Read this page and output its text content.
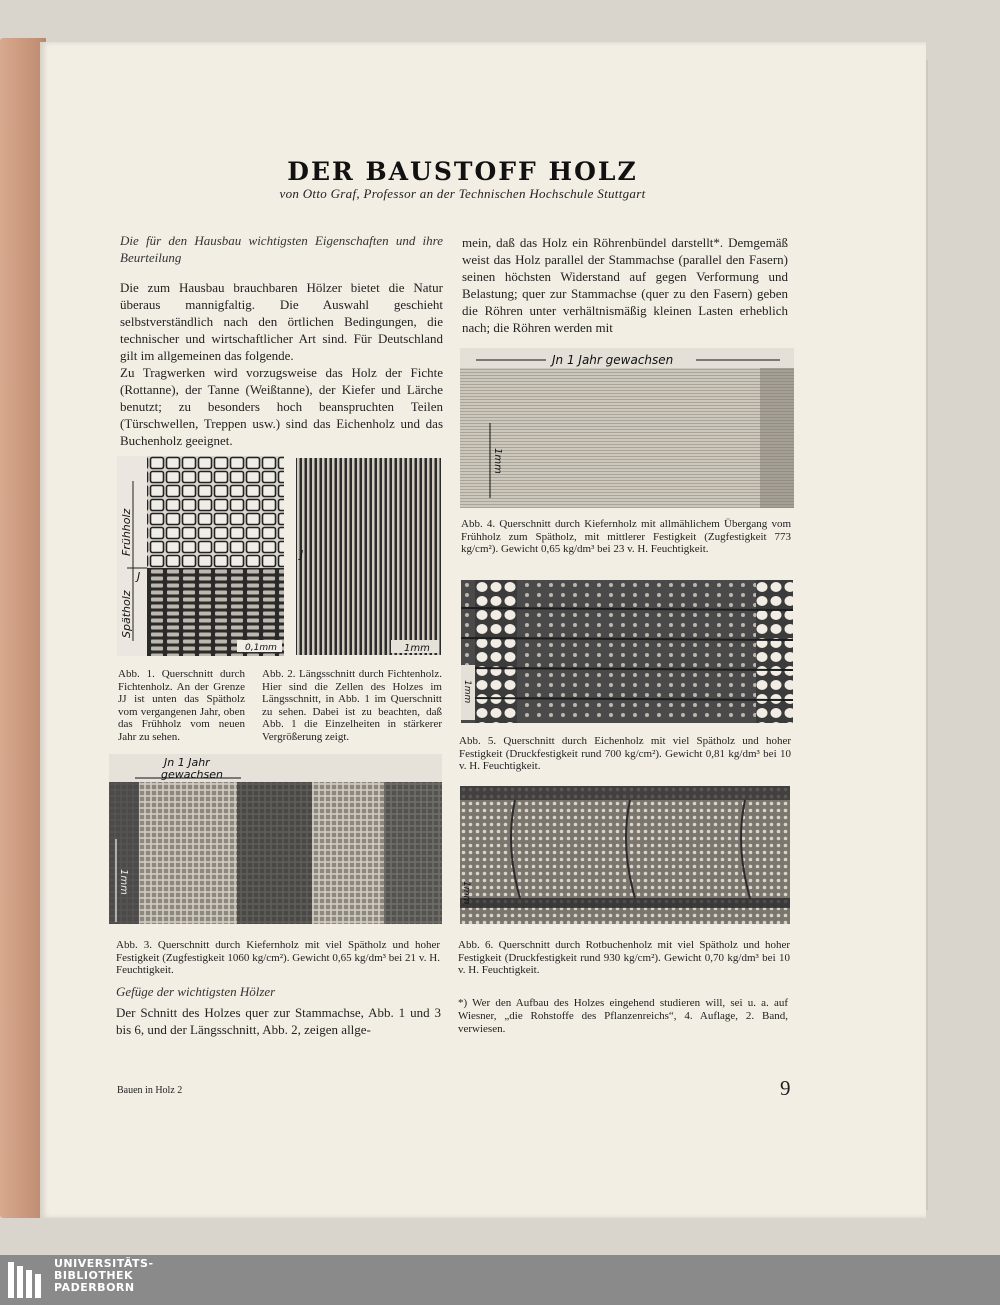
DER BAUSTOFF HOLZ
von Otto Graf, Professor an der Technischen Hochschule Stuttgart
Die für den Hausbau wichtigsten Eigenschaften und ihre Beurteilung

Die zum Hausbau brauchbaren Hölzer bietet die Natur überaus mannigfaltig. Die Auswahl geschieht selbstverständlich nach den örtlichen Bedingungen, die technischer und wirtschaftlicher Art sind. Für Deutschland gilt im allgemeinen das folgende.

Zu Tragwerken wird vorzugsweise das Holz der Fichte (Rottanne), der Tanne (Weißtanne), der Kiefer und Lärche benutzt; zu besonders hoch beanspruchten Teilen (Türschwellen, Treppen usw.) sind das Eichenholz und das Buchenholz geeignet.

mein, daß das Holz ein Röhrenbündel darstellt*. Demgemäß weist das Holz parallel der Stammachse (parallel den Fasern) seinen höchsten Widerstand auf gegen Verformung und Belastung; quer zur Stammachse (quer zu den Fasern) geben die Röhren unter verhältnismäßig kleinen Lasten erheblich nach; die Röhren werden mit

Frühholz
Spätholz
J
0,1mm
J
1mm
Abb. 1. Querschnitt durch Fichtenholz. An der Grenze JJ ist unten das Spätholz vom vergangenen Jahr, oben das Frühholz vom neuen Jahr zu sehen.
Abb. 2. Längsschnitt durch Fichtenholz. Hier sind die Zellen des Holzes im Längsschnitt, in Abb. 1 im Querschnitt zu sehen. Dabei ist zu beachten, daß Abb. 1 die Einzelheiten in stärkerer Vergrößerung zeigt.
Jn 1 Jahr
gewachsen
1mm
Abb. 3. Querschnitt durch Kiefernholz mit viel Spätholz und hoher Festigkeit (Zugfestigkeit 1060 kg/cm²). Gewicht 0,65 kg/dm³ bei 21 v. H. Feuchtigkeit.
Gefüge der wichtigsten Hölzer

Der Schnitt des Holzes quer zur Stammachse, Abb. 1 und 3 bis 6, und der Längsschnitt, Abb. 2, zeigen allge-

Jn 1 Jahr gewachsen
1mm
Abb. 4. Querschnitt durch Kiefernholz mit allmählichem Übergang vom Frühholz zum Spätholz, mit mittlerer Festigkeit (Zugfestigkeit 773 kg/cm²). Gewicht 0,65 kg/dm³ bei 23 v. H. Feuchtigkeit.
1mm
Abb. 5. Querschnitt durch Eichenholz mit viel Spätholz und hoher Festigkeit (Druckfestigkeit rund 700 kg/cm²). Gewicht 0,81 kg/dm³ bei 10 v. H. Feuchtigkeit.
1mm
Abb. 6. Querschnitt durch Rotbuchenholz mit viel Spätholz und hoher Festigkeit (Druckfestigkeit rund 930 kg/cm²). Gewicht 0,70 kg/dm³ bei 10 v. H. Feuchtigkeit.
*) Wer den Aufbau des Holzes eingehend studieren will, sei u. a. auf Wiesner, „die Rohstoffe des Pflanzenreichs“, 4. Auflage, 2. Band, verwiesen.
Bauen in Holz 2	9
UNIVERSITÄTS-
BIBLIOTHEK
PADERBORN
